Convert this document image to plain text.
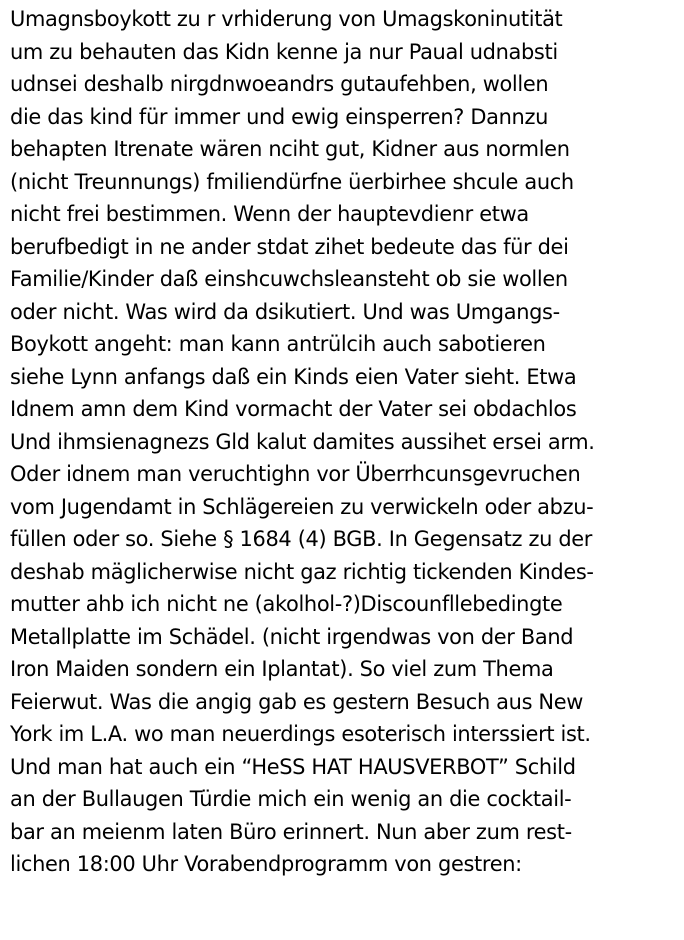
Umagnsboykott zu r vrhiderung von Umagskoninutität
um zu behauten das Kidn kenne ja nur Paual udnabsti
udnsei deshalb nirgdnwoeandrs gutaufehben, wollen
die das kind für immer und ewig einsperren? Dannzu
behapten Itrenate wären nciht gut, Kidner aus normlen
(nicht Treunnungs) fmiliendürfne üerbirhee shcule auch
nicht frei bestimmen. Wenn der hauptevdienr etwa
berufbedigt in ne ander stdat zihet bedeute das für dei
Familie/Kinder daß einshcuwchsleansteht ob sie wollen
oder nicht. Was wird da dsikutiert. Und was Umgangs-
Boykott angeht: man kann antrülcih auch sabotieren
siehe Lynn anfangs daß ein Kinds eien Vater sieht. Etwa
Idnem amn dem Kind vormacht der Vater sei obdachlos
Und ihmsienagnezs Gld kalut damites aussihet ersei arm.
Oder idnem man veruchtighn vor Überrhcunsgevruchen
vom Jugendamt in Schlägereien zu verwickeln oder abzu-
füllen oder so. Siehe § 1684 (4) BGB. In Gegensatz zu der
deshab mäglicherwise nicht gaz richtig tickenden Kindes-
mutter ahb ich nicht ne (akolhol-?)Discounfllebedingte
Metallplatte im Schädel. (nicht irgendwas von der Band
Iron Maiden sondern ein Iplantat). So viel zum Thema
Feierwut. Was die angig gab es gestern Besuch aus New
York im L.A. wo man neuerdings esoterisch interssiert ist.
Und man hat auch ein “HeSS HAT HAUSVERBOT” Schild
an der Bullaugen Türdie mich ein wenig an die cocktail-
bar an meienm laten Büro erinnert. Nun aber zum rest-
lichen 18:00 Uhr Vorabendprogramm von gestren:
